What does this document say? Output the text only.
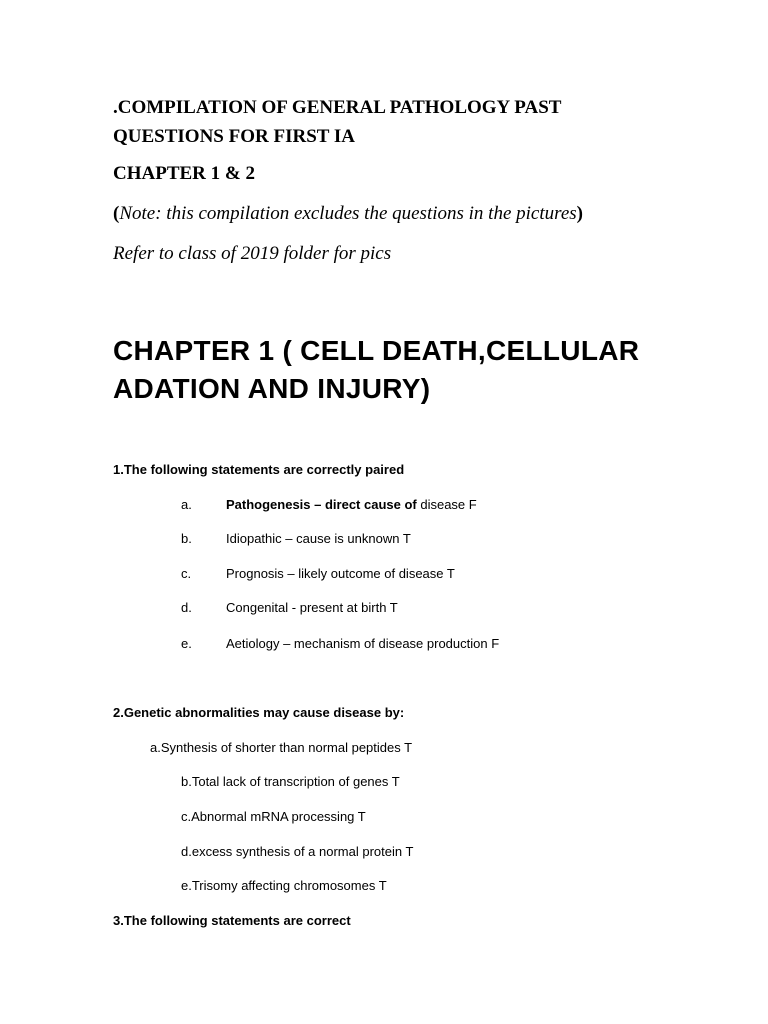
.COMPILATION OF GENERAL PATHOLOGY PAST QUESTIONS FOR FIRST IA
CHAPTER 1 & 2
(Note: this compilation excludes the questions in the pictures)
Refer to class of 2019 folder for pics
CHAPTER 1 ( CELL DEATH,CELLULAR ADATION AND INJURY)
1.The following statements are correctly paired
a.	Pathogenesis – direct cause of disease F
b.	Idiopathic – cause is unknown T
c.	Prognosis – likely outcome of disease T
d.	Congenital - present at birth T
e.	Aetiology – mechanism of disease production F
2.Genetic abnormalities may cause disease by:
a.Synthesis of shorter than normal peptides T
b.Total lack of transcription of genes T
c.Abnormal mRNA processing T
d.excess synthesis of a normal protein T
e.Trisomy affecting chromosomes T
3.The following statements are correct
